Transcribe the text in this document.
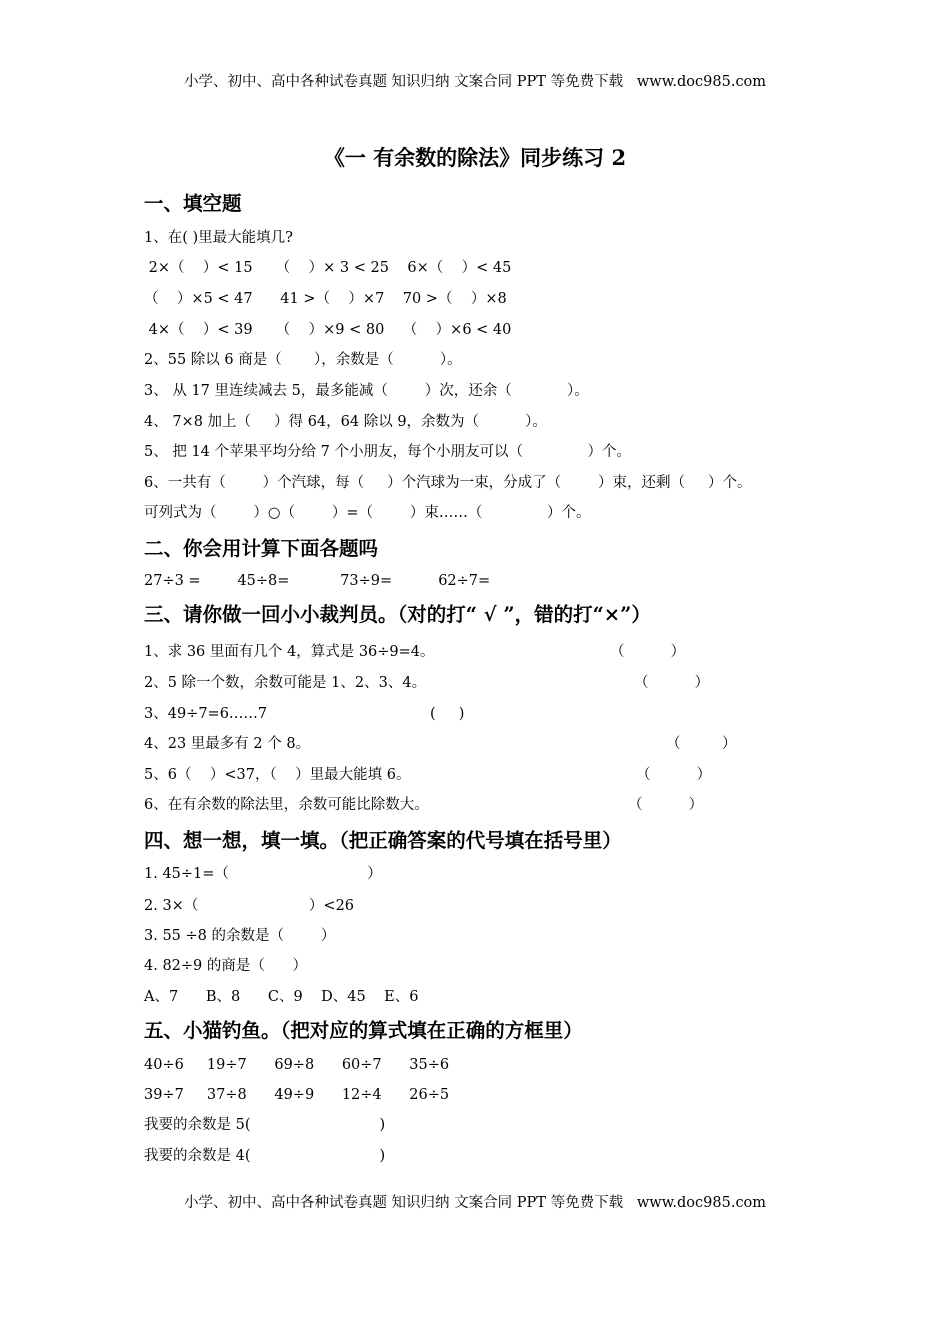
小学、初中、高中各种试卷真题 知识归纳 文案合同 PPT 等免费下载   www.doc985.com
《一 有余数的除法》同步练习 2
一、填空题
1、在( )里最大能填几?
2×（    ）< 15     （    ）× 3 < 25    6×（    ）< 45
（    ）×5 < 47      41 >（    ）×7    70 >（    ）×8
4×（    ）< 39     （    ）×9 < 80    （    ）×6 < 40
2、55 除以 6 商是（       ），余数是（          ）。
3、 从 17 里连续减去 5，最多能减（        ）次，还余（            ）。
4、 7×8 加上（     ）得 64，64 除以 9，余数为（          ）。
5、 把 14 个苹果平均分给 7 个小朋友，每个小朋友可以（              ）个。
6、一共有（        ）个汽球，每（     ）个汽球为一束，分成了（        ）束，还剩（     ）个。
可列式为（        ）○（        ）=（        ）束……（              ）个。
二、你会用计算下面各题吗
27÷3 =        45÷8=           73÷9=          62÷7=
三、请你做一回小小裁判员。（对的打“ √ ”，错的打“×”）
1、求 36 里面有几个 4，算式是 36÷9=4。	（          ）
2、5 除一个数，余数可能是 1、2、3、4。	（          ）
3、49÷7=6……7	(     )
4、23 里最多有 2 个 8。	（         ）
5、6（    ）<37，（    ）里最大能填 6。	（          ）
6、在有余数的除法里，余数可能比除数大。	（          ）
四、想一想，填一填。（把正确答案的代号填在括号里）
1. 45÷1=（                              ）
2. 3×（                        ）<26
3. 55 ÷8 的余数是（        ）
4. 82÷9 的商是（      ）
A、7      B、8      C、9    D、45    E、6
五、小猫钓鱼。（把对应的算式填在正确的方框里）
40÷6     19÷7      69÷8      60÷7      35÷6
39÷7     37÷8      49÷9      12÷4      26÷5
我要的余数是 5(                            )
我要的余数是 4(                            )
小学、初中、高中各种试卷真题 知识归纳 文案合同 PPT 等免费下载   www.doc985.com
